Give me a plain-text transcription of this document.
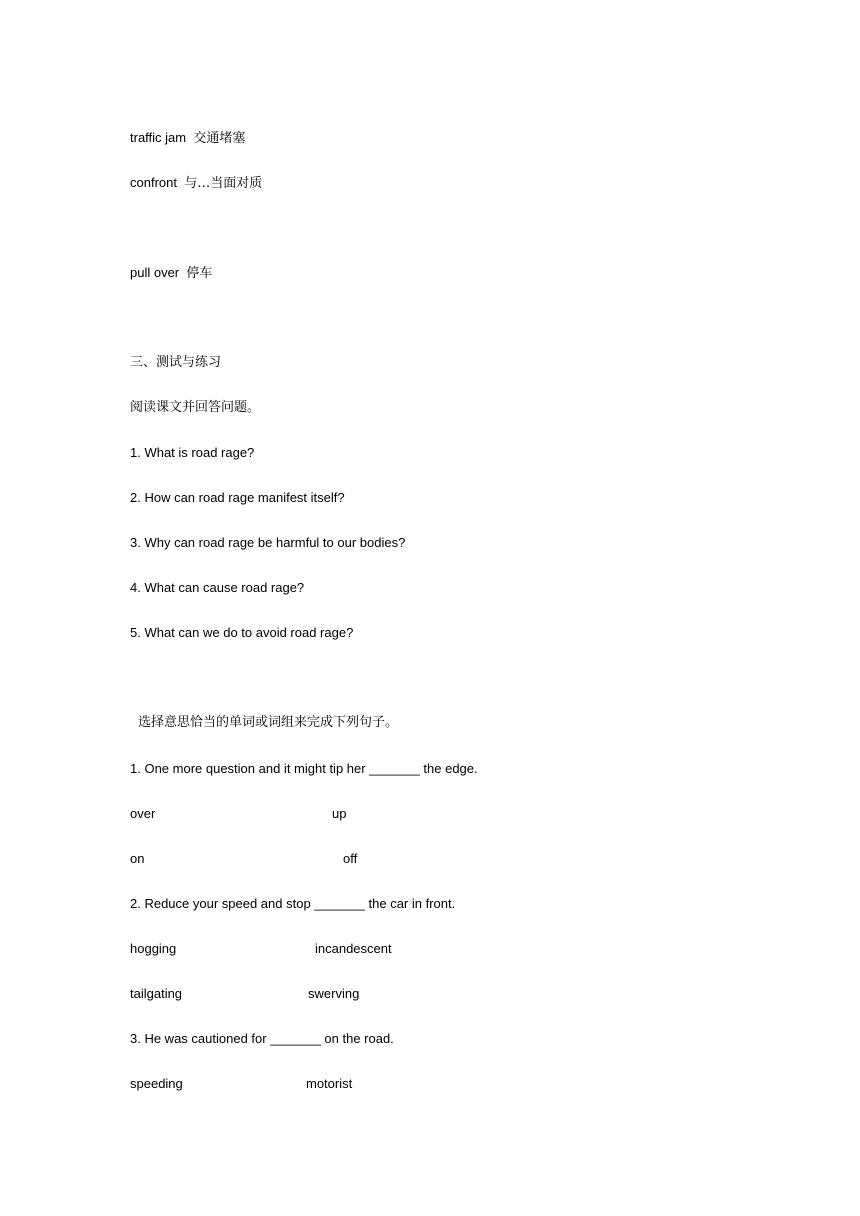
traffic jam 交通堵塞
confront 与…当面对质
pull over 停车
三、测试与练习
阅读课文并回答问题。
1. What is road rage?
2. How can road rage manifest itself?
3. Why can road rage be harmful to our bodies?
4. What can cause road rage?
5. What can we do to avoid road rage?
选择意思恰当的单词或词组来完成下列句子。
1. One more question and it might tip her _______ the edge.
over	up
on	off
2. Reduce your speed and stop _______ the car in front.
hogging	incandescent
tailgating	swerving
3. He was cautioned for _______ on the road.
speeding	motorist
